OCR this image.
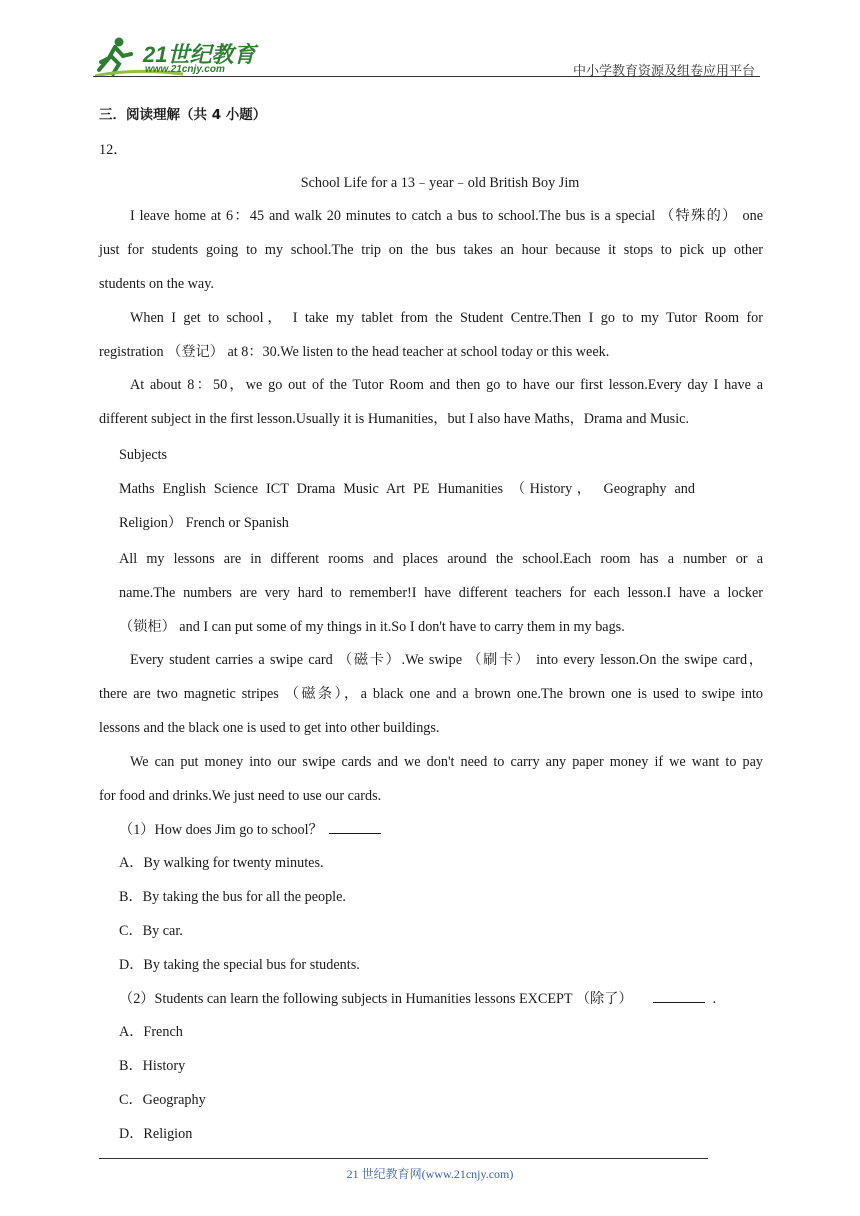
21世纪教育
www.21cnjy.com	中小学教育资源及组卷应用平台
三．阅读理解（共 4 小题）
12．
School Life for a 13﹣year﹣old British Boy Jim
I leave home at 6：45 and walk 20 minutes to catch a bus to school.The bus is a special （特殊的） one
just for students going to my school.The trip on the bus takes an hour because it stops to pick up other
students on the way.
When I get to school， I take my tablet from the Student Centre.Then I go to my Tutor Room for
registration （登记） at 8：30.We listen to the head teacher at school today or this week.
At about 8：50，we go out of the Tutor Room and then go to have our first lesson.Every day I have a
different subject in the first lesson.Usually it is Humanities，but I also have Maths，Drama and Music.
Subjects
Maths English Science ICT Drama Music Art PE Humanities （History， Geography and
Religion） French or Spanish
All my lessons are in different rooms and places around the school.Each room has a number or a
name.The numbers are very hard to remember!I have different teachers for each lesson.I have a locker
（锁柜） and I can put some of my things in it.So I don't have to carry them in my bags.
Every student carries a swipe card （磁卡）.We swipe （刷卡） into every lesson.On the swipe card，
there are two magnetic stripes （磁条），a black one and a brown one.The brown one is used to swipe into
lessons and the black one is used to get into other buildings.
We can put money into our swipe cards and we don't need to carry any paper money if we want to pay
for food and drinks.We just need to use our cards.
（1）How does Jim go to school？
A．By walking for twenty minutes.
B．By taking the bus for all the people.
C．By car.
D．By taking the special bus for students.
（2）Students can learn the following subjects in Humanities lessons EXCEPT （除了）	.
A．French
B．History
C．Geography
D．Religion
21 世纪教育网(www.21cnjy.com)
